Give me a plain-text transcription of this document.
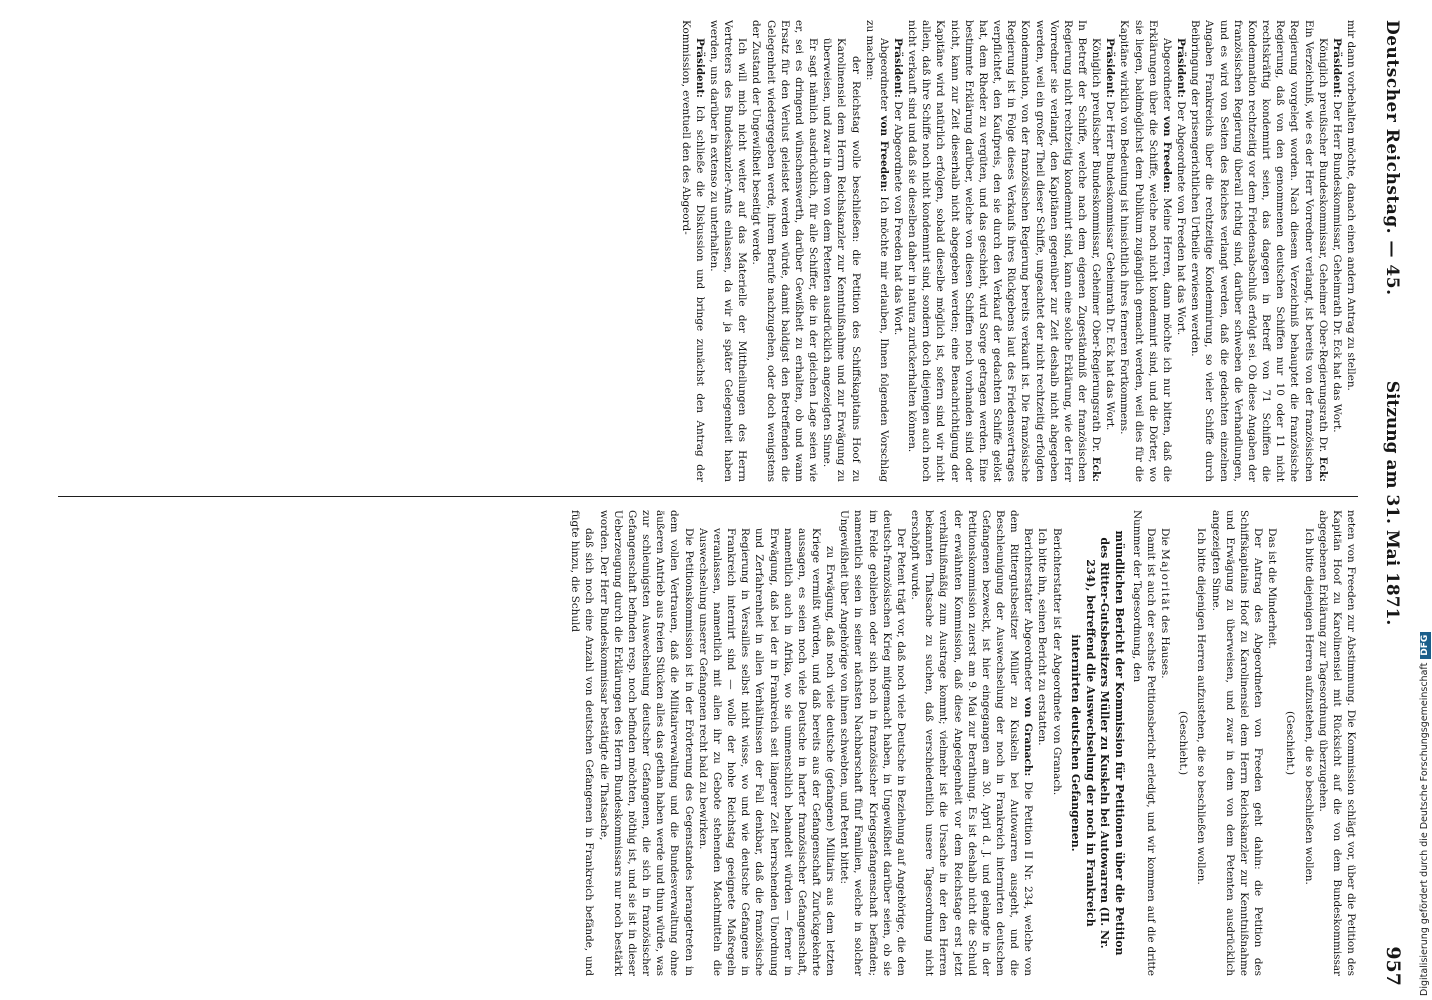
Deutscher Reichstag. — 45.
Sitzung am 31. Mai 1871.
957

mir dann vorbehalten möchte, danach einen andern Antrag zu stellen.

Präsident: Der Herr Bundeskommissar, Geheimrath Dr. Eck hat das Wort.

Königlich preußischer Bundeskommissar, Geheimer Ober-Regierungsrath Dr. Eck: Ein Verzeichniß, wie es der Herr Vorredner verlangt, ist bereits von der französischen Regierung vorgelegt worden. Nach diesem Verzeichniß behauptet die französische Regierung, daß von den genommenen deutschen Schiffen nur 10 oder 11 nicht rechtskräftig kondemnirt seien, das dagegen in Betreff von 71 Schiffen die Kondemnation rechtzeitig vor dem Friedensabschluß erfolgt sei. Ob diese Angaben der französischen Regierung überall richtig sind, darüber schweben die Verhandlungen, und es wird von Seiten des Reiches verlangt werden, daß die gedachten einzelnen Angaben Frankreichs über die rechtzeitige Kondemnirung, so vieler Schiffe durch Beibringung der prisengerichtlichen Urtheile erwiesen werden.

Präsident: Der Abgeordnete von Freeden hat das Wort.

Abgeordneter von Freeden: Meine Herren, dann möchte ich nur bitten, daß die Erklärungen über die Schiffe, welche noch nicht kondemnirt sind, und die Dörter, wo sie liegen, baldmöglichst dem Publikum zugänglich gemacht werden, weil dies für die Kapitäne wirklich von Bedeutung ist hinsichtlich ihres ferneren Fortkommens.

Präsident: Der Herr Bundeskommissar Geheimrath Dr. Eck hat das Wort.

Königlich preußischer Bundeskommissar, Geheimer Ober-Regierungsrath Dr. Eck: In Betreff der Schiffe, welche nach dem eigenen Zugeständniß der französischen Regierung nicht rechtzeitig kondemnirt sind, kann eine solche Erklärung, wie der Herr Vorredner sie verlangt, den Kapitänen gegenüber zur Zeit deshalb nicht abgegeben werden, weil ein großer Theil dieser Schiffe, ungeachtet der nicht rechtzeitig erfolgten Kondemnation, von der französischen Regierung bereits verkauft ist. Die französische Regierung ist in Folge dieses Verkaufs ihres Rückgebens laut des Friedensvertrages verpflichtet, den Kaufpreis, den sie durch den Verkauf der gedachten Schiffe gelöst hat, dem Rheder zu vergüten, und das geschieht, wird Sorge getragen werden. Eine bestimmte Erklärung darüber, welche von diesen Schiffen noch vorhanden sind oder nicht, kann zur Zeit dieserhalb nicht abgegeben werden; eine Benachrichtigung der Kapitäne wird natürlich erfolgen, sobald dieselbe möglich ist, sofern sind wir nicht allein, daß ihre Schiffe noch nicht kondemnirt sind, sondern doch diejenigen auch noch nicht verkauft sind und daß sie dieselben daher in natura zurückerhalten können.

Präsident: Der Abgeordnete von Freeden hat das Wort.

Abgeordneter von Freeden: Ich möchte mir erlauben, Ihnen folgenden Vorschlag zu machen:

der Reichstag wolle beschließen: die Petition des Schiffskapitains Hoof zu Karolinensiel dem Herrn Reichskanzler zur Kenntnißnahme und zur Erwägung zu überweisen, und zwar in dem von dem Petenten ausdrücklich angezeigten Sinne.

Er sagt nämlich ausdrücklich, für alle Schiffer, die in der gleichen Lage seien wie er, sei es dringend wünschenswerth, darüber Gewißheit zu erhalten, ob und wann Ersatz für den Verlust geleistet werden würde, damit baldigst den Betreffenden die Gelegenheit wiedergegeben werde, ihrem Berufe nachzugehen, oder doch wenigstens der Zustand der Ungewißheit beseitigt werde.

Ich will mich nicht weiter auf das Materielle der Mittheilungen des Herrn Vertreters des Bundeskanzler-Amts einlassen, da wir ja später Gelegenheit haben werden, uns darüber in extenso zu unterhalten.

Präsident: Ich schließe die Diskussion und bringe zunächst den Antrag der Kommission, eventuell den des Abgeord-

neten von Freeden zur Abstimmung. Die Kommission schlägt vor, über die Petition des Kapitän Hoof zu Karolinensiel mit Rücksicht auf die von dem Bundeskommissar abgegebenen Erklärung zur Tagesordnung überzugehen.

Ich bitte diejenigen Herren aufzustehen, die so beschließen wollen.

(Geschieht.)

Das ist die Minderheit.

Der Antrag des Abgeordneten von Freeden geht dahin: die Petition des Schiffskapitains Hoof zu Karolinensiel dem Herrn Reichskanzler zur Kenntnißnahme und Erwägung zu überweisen, und zwar in dem von dem Petenten ausdrücklich angezeigten Sinne.

Ich bitte diejenigen Herren aufzustehen, die so beschließen wollen.

(Geschieht.)

Die Majorität des Hauses.

Damit ist auch der sechste Petitionsbericht erledigt, und wir kommen auf die dritte Nummer der Tagesordnung, den

mündlichen Bericht der Kommission für Petitionen über die Petition des Ritter-Gutsbesitzers Müller zu Kuskeln bei Autowarren (II. Nr. 234), betreffend die Auswechselung der noch in Frankreich internirten deutschen Gefangenen.

Berichterstatter ist der Abgeordnete von Granach.

Ich bitte ihn, seinen Bericht zu erstatten.

Berichterstatter Abgeordneter von Granach: Die Petition II Nr. 234, welche von dem Rittergutsbesitzer Müller zu Kuskeln bei Autowarren ausgeht, und die Beschleunigung der Auswechselung der noch in Frankreich internirten deutschen Gefangenen bezweckt, ist hier eingegangen am 30. April d. J. und gelangte in der Petitionskommission zuerst am 9. Mai zur Berathung. Es ist deshalb nicht die Schuld der erwähnten Kommission, daß diese Angelegenheit vor dem Reichstage erst jetzt verhältnißmäßig zum Austrage kommt; vielmehr ist die Ursache in der den Herren bekannten Thatsache zu suchen, daß verschiedentlich unsere Tagesordnung nicht erschöpft wurde.

Der Petent trägt vor, daß noch viele Deutsche in Beziehung auf Angehörige, die den deutsch-französischen Krieg mitgemacht haben, in Ungewißheit darüber seien, ob sie im Felde geblieben oder sich noch in französischer Kriegsgefangenschaft befänden; namentlich seien in seiner nächsten Nachbarschaft fünf Familien, welche in solcher Ungewißheit über Angehörige von ihnen schwebten, und Petent bittet:

zu Erwägung, daß noch viele deutsche (gefangene) Militairs aus dem letzten Kriege vermißt würden, und daß bereits aus der Gefangenschaft Zurückgekehrte aussagen, es seien noch viele Deutsche in harter französischer Gefangenschaft, namentlich auch in Afrika, wo sie unmenschlich behandelt würden — ferner in Erwägung, daß bei der in Frankreich seit längerer Zeit herrschenden Unordnung und Zerfahrenheit in allen Verhältnissen der Fall denkbar, daß die französische Regierung in Versailles selbst nicht wisse, wo und wie deutsche Gefangene in Frankreich internirt sind — wolle der hohe Reichstag geeignete Maßregeln veranlassen, namentlich mit allen ihr zu Gebote stehenden Machtmitteln die Auswechselung unserer Gefangenen recht bald zu bewirken.

Die Petitionskommission ist in der Erörterung des Gegenstandes herangetreten in dem vollen Vertrauen, daß die Militairverwaltung und die Bundesverwaltung ohne äußeren Antrieb aus freien Stücken alles das gethan haben werde und thun würde, was zur schleunigsten Auswechselung deutscher Gefangenen, die sich in französischer Gefangenschaft befinden resp. noch befinden möchten, nöthig ist, und sie ist in dieser Ueberzeugung durch die Erklärungen des Herrn Bundeskommissars nur noch bestärkt worden. Der Herr Bundeskommissar bestätigte die Thatsache,

daß sich noch eine Anzahl von deutschen Gefangenen in Frankreich befände, und fügte hinzu, die Schuld

Digitalisierung gefördert durch die Deutsche ForschungsgemeinschaftDFG
